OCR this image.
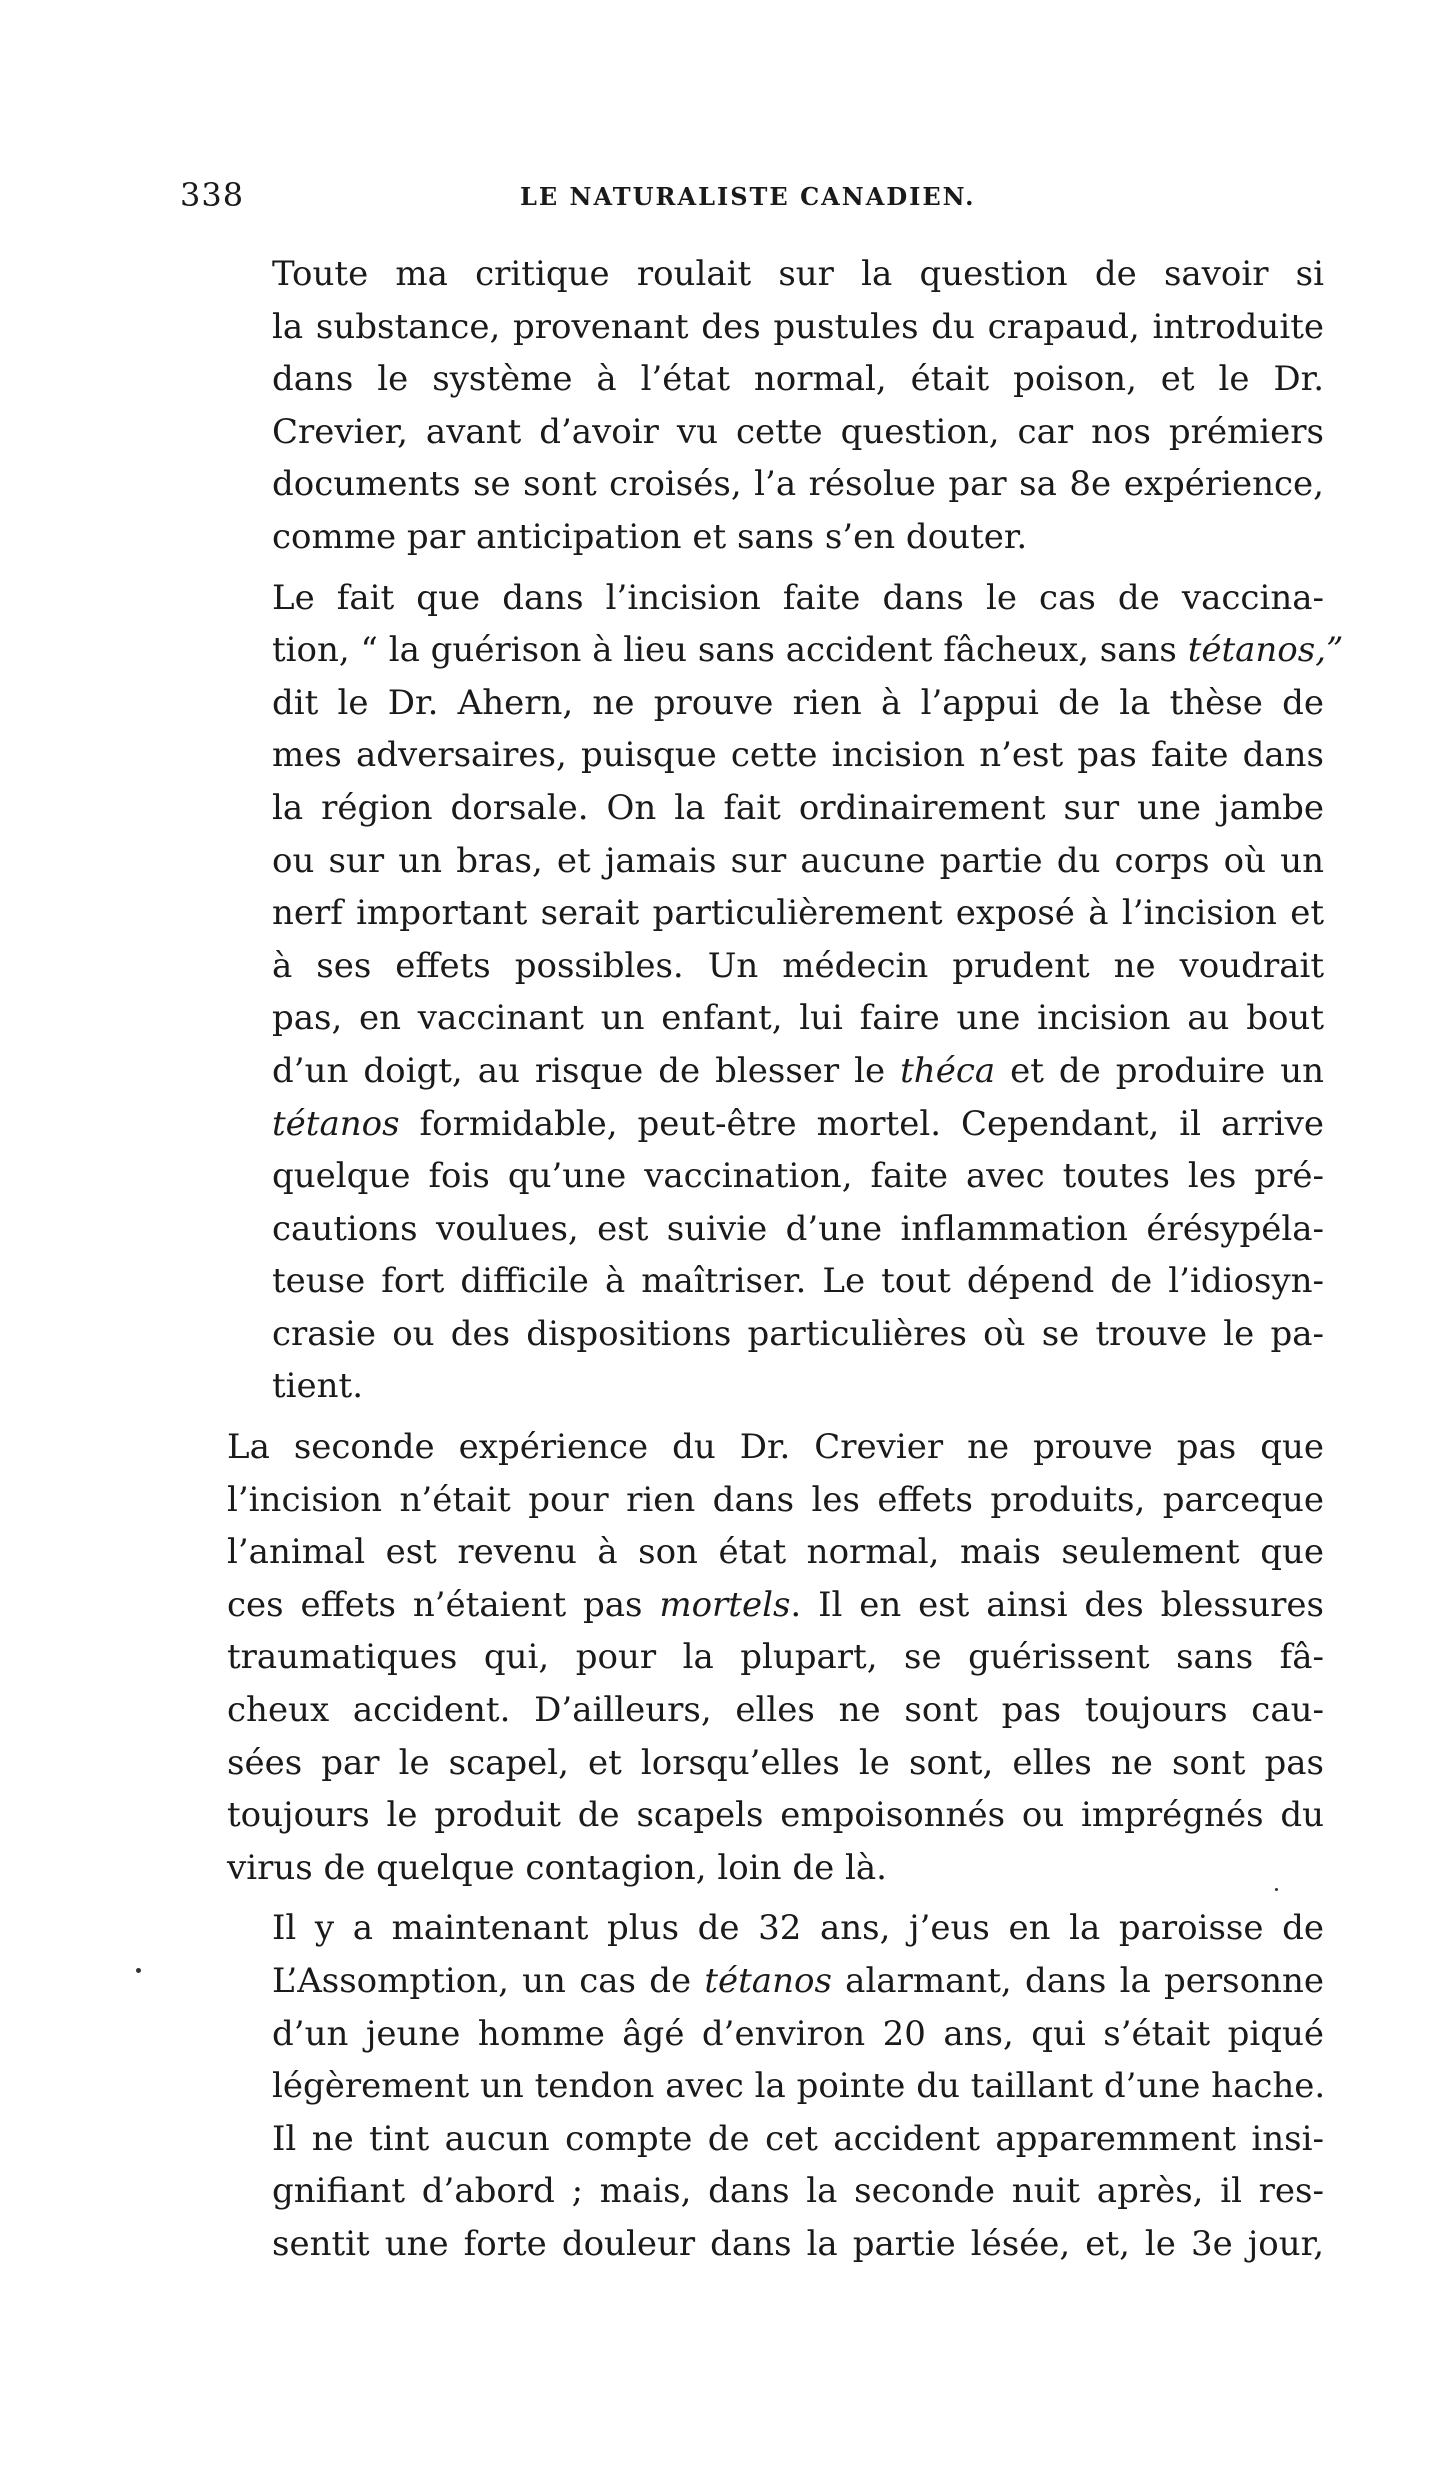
338	LE NATURALISTE CANADIEN.
Toute ma critique roulait sur la question de savoir si
la substance, provenant des pustules du crapaud, introduite
dans le système à l’état normal, était poison, et le Dr.
Crevier, avant d’avoir vu cette question, car nos prémiers
documents se sont croisés, l’a résolue par sa 8e expérience,
comme par anticipation et sans s’en douter.
Le fait que dans l’incision faite dans le cas de vaccina-
tion, “ la guérison à lieu sans accident fâcheux, sans tétanos,”
dit le Dr. Ahern, ne prouve rien à l’appui de la thèse de
mes adversaires, puisque cette incision n’est pas faite dans
la région dorsale. On la fait ordinairement sur une jambe
ou sur un bras, et jamais sur aucune partie du corps où un
nerf important serait particulièrement exposé à l’incision et
à ses effets possibles. Un médecin prudent ne voudrait
pas, en vaccinant un enfant, lui faire une incision au bout
d’un doigt, au risque de blesser le théca et de produire un
tétanos formidable, peut-être mortel. Cependant, il arrive
quelque fois qu’une vaccination, faite avec toutes les pré-
cautions voulues, est suivie d’une inflammation érésypéla-
teuse fort difficile à maîtriser. Le tout dépend de l’idiosyn-
crasie ou des dispositions particulières où se trouve le pa-
tient.
La seconde expérience du Dr. Crevier ne prouve pas que
l’incision n’était pour rien dans les effets produits, parceque
l’animal est revenu à son état normal, mais seulement que
ces effets n’étaient pas mortels. Il en est ainsi des blessures
traumatiques qui, pour la plupart, se guérissent sans fâ-
cheux accident. D’ailleurs, elles ne sont pas toujours cau-
sées par le scapel, et lorsqu’elles le sont, elles ne sont pas
toujours le produit de scapels empoisonnés ou imprégnés du
virus de quelque contagion, loin de là.
Il y a maintenant plus de 32 ans, j’eus en la paroisse de
L’Assomption, un cas de tétanos alarmant, dans la personne
d’un jeune homme âgé d’environ 20 ans, qui s’était piqué
légèrement un tendon avec la pointe du taillant d’une hache.
Il ne tint aucun compte de cet accident apparemment insi-
gnifiant d’abord ; mais, dans la seconde nuit après, il res-
sentit une forte douleur dans la partie lésée, et, le 3e jour,
